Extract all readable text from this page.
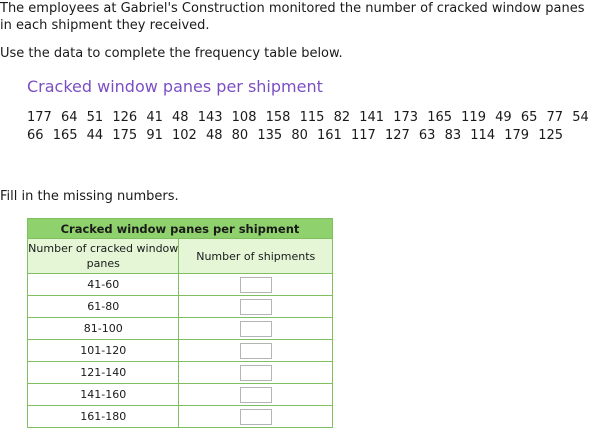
The employees at Gabriel's Construction monitored the number of cracked window panes in each shipment they received.

Use the data to complete the frequency table below.

Cracked window panes per shipment
177 64 51 126 41 48 143 108 158 115 82 141 173 165 119 49 65 77 54 66 165 44 175 91 102 48 80 135 80 161 117 127 63 83 114 179 125

Fill in the missing numbers.

Cracked window panes per shipment	
Number of cracked window panes	Number of shipments
41-60	
61-80	
81-100	
101-120	
121-140	
141-160	
161-180	
